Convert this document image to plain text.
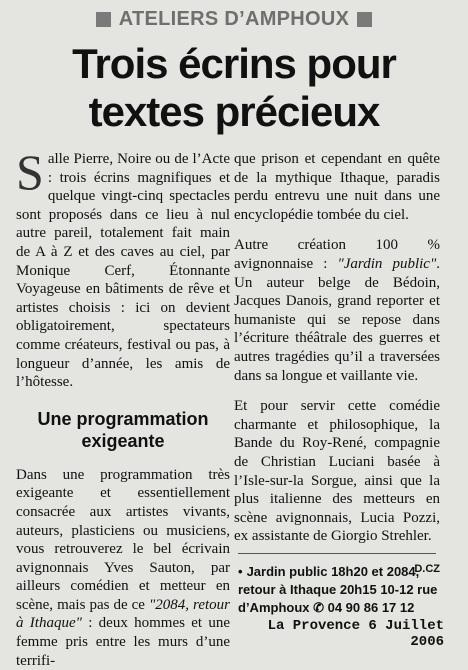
ATELIERS D’AMPHOUX
Trois écrins pour
textes précieux

Salle Pierre, Noire ou de l’Acte : trois écrins magnifiques et quelque vingt-cinq spectacles sont proposés dans ce lieu à nul autre pareil, totalement fait main de A à Z et des caves au ciel, par Monique Cerf, Étonnante Voyageuse en bâtiments de rêve et artistes choisis : ici on devient obligatoirement, spectateurs comme créateurs, festival ou pas, à longueur d’année, les amis de l’hôtesse.

Une programmation exigeante

Dans une programmation très exigeante et essentiellement consacrée aux artistes vivants, auteurs, plasticiens ou musiciens, vous retrouverez le bel écrivain avignonnais Yves Sauton, par ailleurs comédien et metteur en scène, mais pas de ce "2084, retour à Ithaque" : deux hommes et une femme pris entre les murs d’une terrifi-

que prison et cependant en quête de la mythique Ithaque, paradis perdu entrevu une nuit dans une encyclopédie tombée du ciel.

Autre création 100 % avignonnaise : "Jardin public". Un auteur belge de Bédoin, Jacques Danois, grand reporter et humaniste qui se repose dans l’écriture théâtrale des guerres et autres tragédies qu’il a traversées dans sa longue et vaillante vie.

Et pour servir cette comédie charmante et philosophique, la Bande du Roy-René, compagnie de Christian Luciani basée à l’Isle-sur-la Sorgue, ainsi que la plus italienne des metteurs en scène avignonnais, Lucia Pozzi, ex assistante de Giorgio Strehler.

D.CZ
• Jardin public 18h20 et 2084, retour à Ithaque 20h15 10-12 rue d’Amphoux ✆ 04 90 86 17 12
La Provence 6 Juillet 2006
